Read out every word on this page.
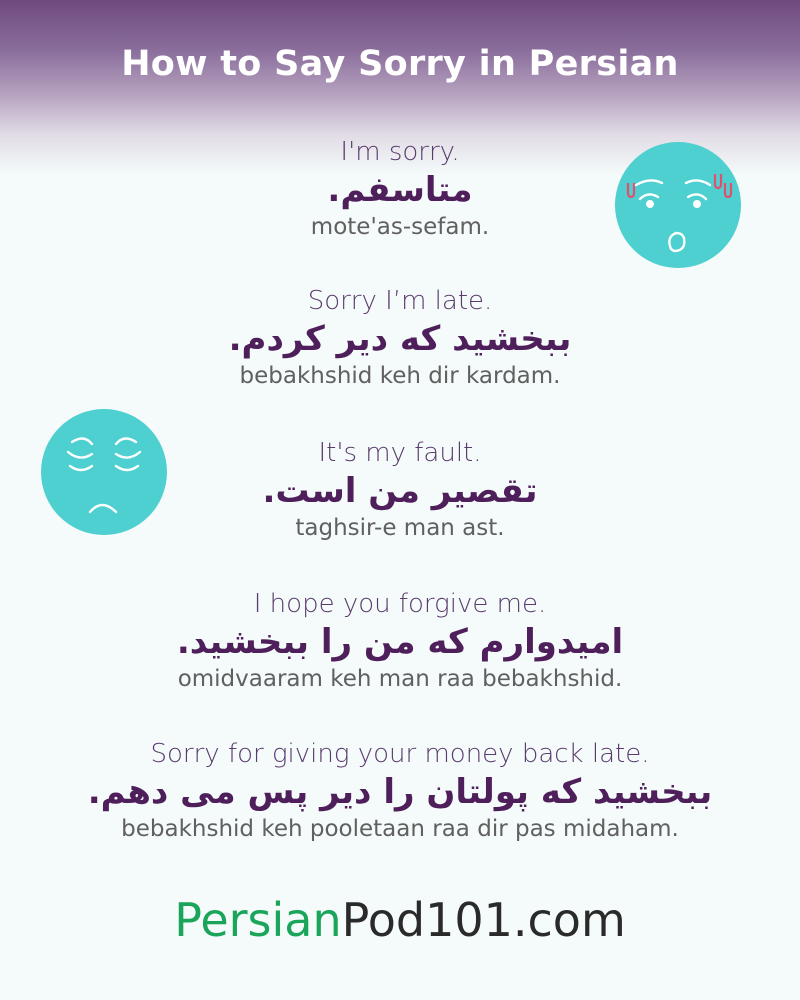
How to Say Sorry in Persian
I'm sorry.
متاسفم.
mote'as-sefam.
Sorry I’m late.
ببخشید که دیر کردم.
bebakhshid keh dir kardam.
It's my fault.
تقصیر من است.
taghsir-e man ast.
I hope you forgive me.
امیدوارم که من را ببخشید.
omidvaaram keh man raa bebakhshid.
Sorry for giving your money back late.
ببخشید که پولتان را دیر پس می دهم.
bebakhshid keh pooletaan raa dir pas midaham.
PersianPod101.com
